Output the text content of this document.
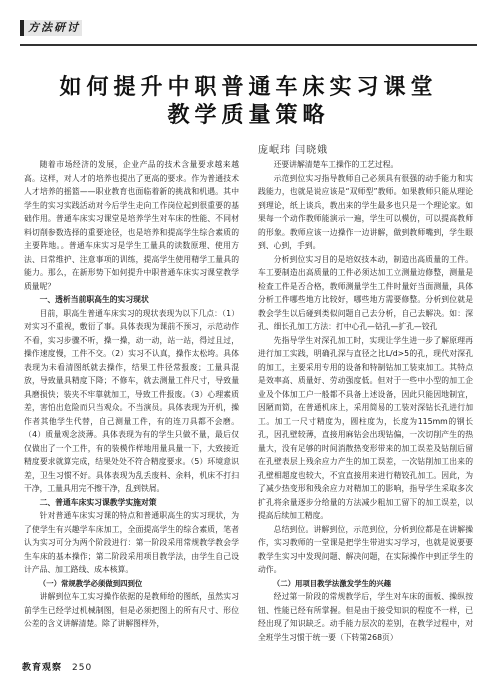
方法研讨
如何提升中职普通车床实习课堂
教学质量策略
庞岷玮 闫晓娥

随着市场经济的发展，企业产品的技术含量要求越来越高。这样，对人才的培养也提出了更高的要求。作为普通技术人才培养的摇篮——职业教育也面临着新的挑战和机遇。其中学生的实习实践活动对今后学生走向工作岗位起到很重要的基础作用。普通车床实习课堂是培养学生对车床的性能、不同材料切削参数选择的重要途径，也是培养和提高学生综合素质的主要阵地。。普通车床实习是学生工量具的读数原理、使用方法、日常维护、注意事项的训练，提高学生使用精学工量具的能力。那么，在新形势下如何提升中职普通车床实习课堂教学质量呢？

一、透析当前职高生的实习现状

目前，职高生普通车床实习的现状表现为以下几点：（1）对实习不重视，敷衍了事。具体表现为课前不预习，示范动作不看，实习步骤不听，操一操，动一动，站一站，得过且过，操作速度慢，工件不交。（2）实习不认真，操作太松垮。具体表现为未看清图纸就去操作，结果工件径常报废；工量具混放，导致量具精度下降；不修车，就去测量工件尺寸，导致量具磨损快；装夹不牢靠就加工，导致工件报废。（3）心理素质差，害怕出危险而只当观众。不当演员。具体表现为开机，操作者其他学生代替，自己测量工件，有的连刀具都不会磨。（4）质量观念淡薄。具体表现为有的学生只做不量，最后仅仅做出了一个工件，有的装模作样地用量具量一下，大致接近精度要求就算完成，结果处处不符合精度要求。（5）环境意识差，卫生习惯不好。具体表现为乱丢废料、余料，机床不打扫干净，工量具用完不擦干净，乱到铁屑。

二、普通车床实习课教学实施对策

针对普通车床实习课的特点和普通职高生的实习现状，为了使学生有兴趣学车床加工，全面提高学生的综合素质，笔者认为实习可分为两个阶段进行：第一阶段采用常规教学教会学生车床的基本操作；第二阶段采用项目教学法，由学生自己设计产品、加工路线、成本核算。

（一）常规教学必须做到四到位

讲解到位车工实习操作依据的是教师给的图纸，虽然实习前学生已经学过机械制图，但是必须把图上的所有尺寸、形位公差的含义讲解清楚。除了讲解图样外，

还要讲解清楚车工操作的工艺过程。

示范到位实习指导教师自己必须具有很强的动手能力和实践能力，也就是说应该是“双师型”教师。如果教师只能从理论到理论，纸上谈兵，教出来的学生最多也只是一个理论家。如果每一个动作教师能演示一遍，学生可以模仿，可以提高教师的形象。教师应该一边操作一边讲解，做到教师嘴到，学生眼到、心到，手到。

分析到位实习目的是培奴技本动，制造出高质量的工件。车工要制造出高质量的工件必须达加工立测量边修整，测量是检查工件是否合格，教师测量学生工件时量好当面测量，具体分析工件哪些地方比较好，哪些地方需要修整。分析到位就是教会学生以后碰到类似问题自己去分析，自己去解决。如：深孔、细长孔加工方法：打中心孔—钻孔—扩孔—铰孔

先指导学生对深孔加工时，实现让学生进一步了解原理再进行加工实践，明确孔深与直径之比L/d>5的孔，现代对深孔的加工，主要采用专用的设备和特制钻加工装束加工。其特点是效率高、质量好、劳动强度低。但对于一些中小型的加工企业及个体加工户一般都不具备上述设备，因此只能因地制宜，因陋而简，在普通机床上，采用简易的工装对深钻长孔进行加工。加工一尺寸精度为，圆柱度为，长度为115mm的钢长孔，因孔壁较薄，直接用麻钻会出现钻偏，一次切削产生的热量大，没有足够的时间消散热变形带来的加工误差及钻削后留在孔壁表层上残余应力产生的加工误差，一次钻削加工出来的孔壁相超度也较大，不宜直接用来进行精铰孔加工。因此，为了减少热变形和残余应力对精加工的影响，指导学生采取多次扩孔将余量逐步分给量的方法减少粗加工留下的加工误差，以提高后续加工精度。

总结到位。讲解到位，示范到位，分析到位都是在讲解操作，实习教师的一堂课是把学生带进实习学习，也就是说要要教学生实习中发现问题、解决问题，在实际操作中到正学生的动作。

（二）用项目教学法激发学生的兴趣

经过第一阶段的常规教学后，学生对车床的面板、操纵按钮、性能已经有所掌握。但是由于接受知识的程度不一样，已经出现了知识缺乏。动手能力层次的差别，在教学过程中，对全班学生习惯于统一要（下转第268页）

教育观察 250
